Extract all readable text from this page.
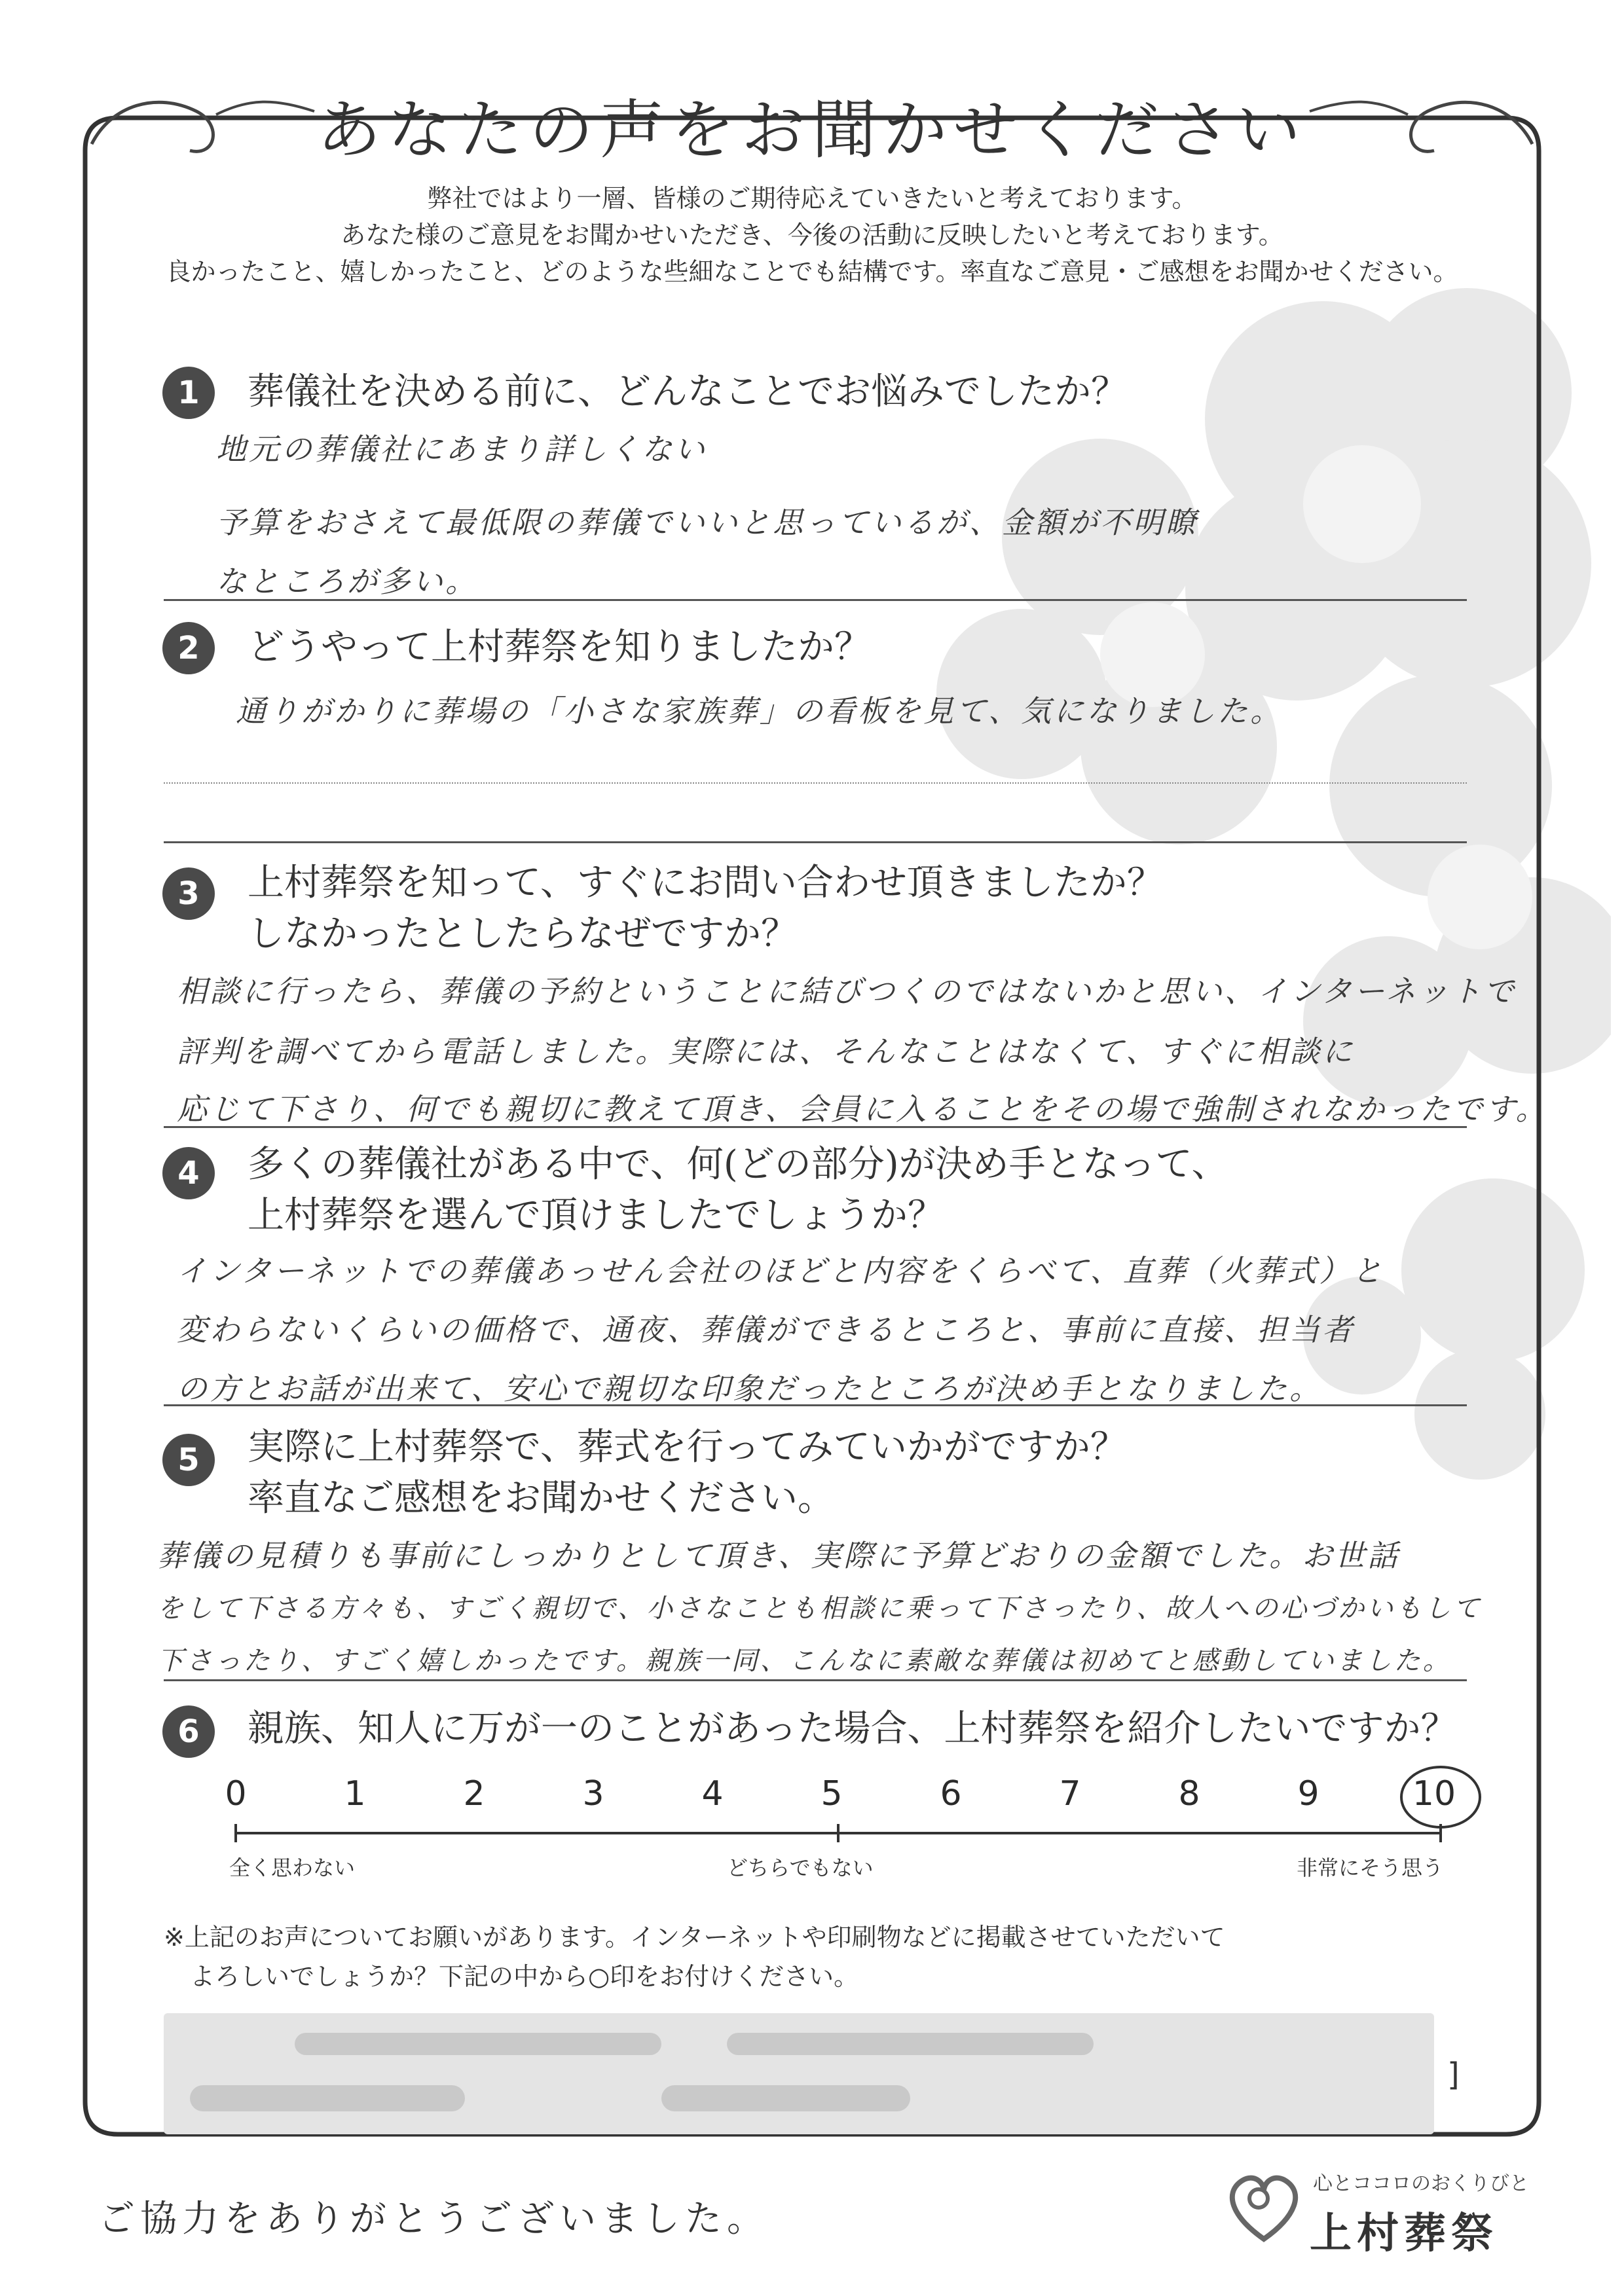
あなたの声をお聞かせください
弊社ではより一層、皆様のご期待応えていきたいと考えております。
あなた様のご意見をお聞かせいただき、今後の活動に反映したいと考えております。
良かったこと、嬉しかったこと、どのような些細なことでも結構です。率直なご意見・ご感想をお聞かせください。
1	葬儀社を決める前に、どんなことでお悩みでしたか？
地元の葬儀社にあまり詳しくない
予算をおさえて最低限の葬儀でいいと思っているが、金額が不明瞭
なところが多い。
2	どうやって上村葬祭を知りましたか？
通りがかりに葬場の「小さな家族葬」の看板を見て、気になりました。
3	上村葬祭を知って、すぐにお問い合わせ頂きましたか？
しなかったとしたらなぜですか？
相談に行ったら、葬儀の予約ということに結びつくのではないかと思い、インターネットで
評判を調べてから電話しました。実際には、そんなことはなくて、すぐに相談に
応じて下さり、何でも親切に教えて頂き、会員に入ることをその場で強制されなかったです。
4	多くの葬儀社がある中で、何(どの部分)が決め手となって、
上村葬祭を選んで頂けましたでしょうか？
インターネットでの葬儀あっせん会社のほどと内容をくらべて、直葬（火葬式）と
変わらないくらいの価格で、通夜、葬儀ができるところと、事前に直接、担当者
の方とお話が出来て、安心で親切な印象だったところが決め手となりました。
5	実際に上村葬祭で、葬式を行ってみていかがですか？
率直なご感想をお聞かせください。
葬儀の見積りも事前にしっかりとして頂き、実際に予算どおりの金額でした。お世話
をして下さる方々も、すごく親切で、小さなことも相談に乗って下さったり、故人への心づかいもして
下さったり、すごく嬉しかったです。親族一同、こんなに素敵な葬儀は初めてと感動していました。
6	親族、知人に万が一のことがあった場合、上村葬祭を紹介したいですか？
0	1	2	3	4	5	6	7	8	9	10
全く思わない	どちらでもない	非常にそう思う
※上記のお声についてお願いがあります。インターネットや印刷物などに掲載させていただいて
よろしいでしょうか？下記の中から○印をお付けください。
]
ご協力をありがとうございました。
心とココロのおくりびと
上村葬祭
